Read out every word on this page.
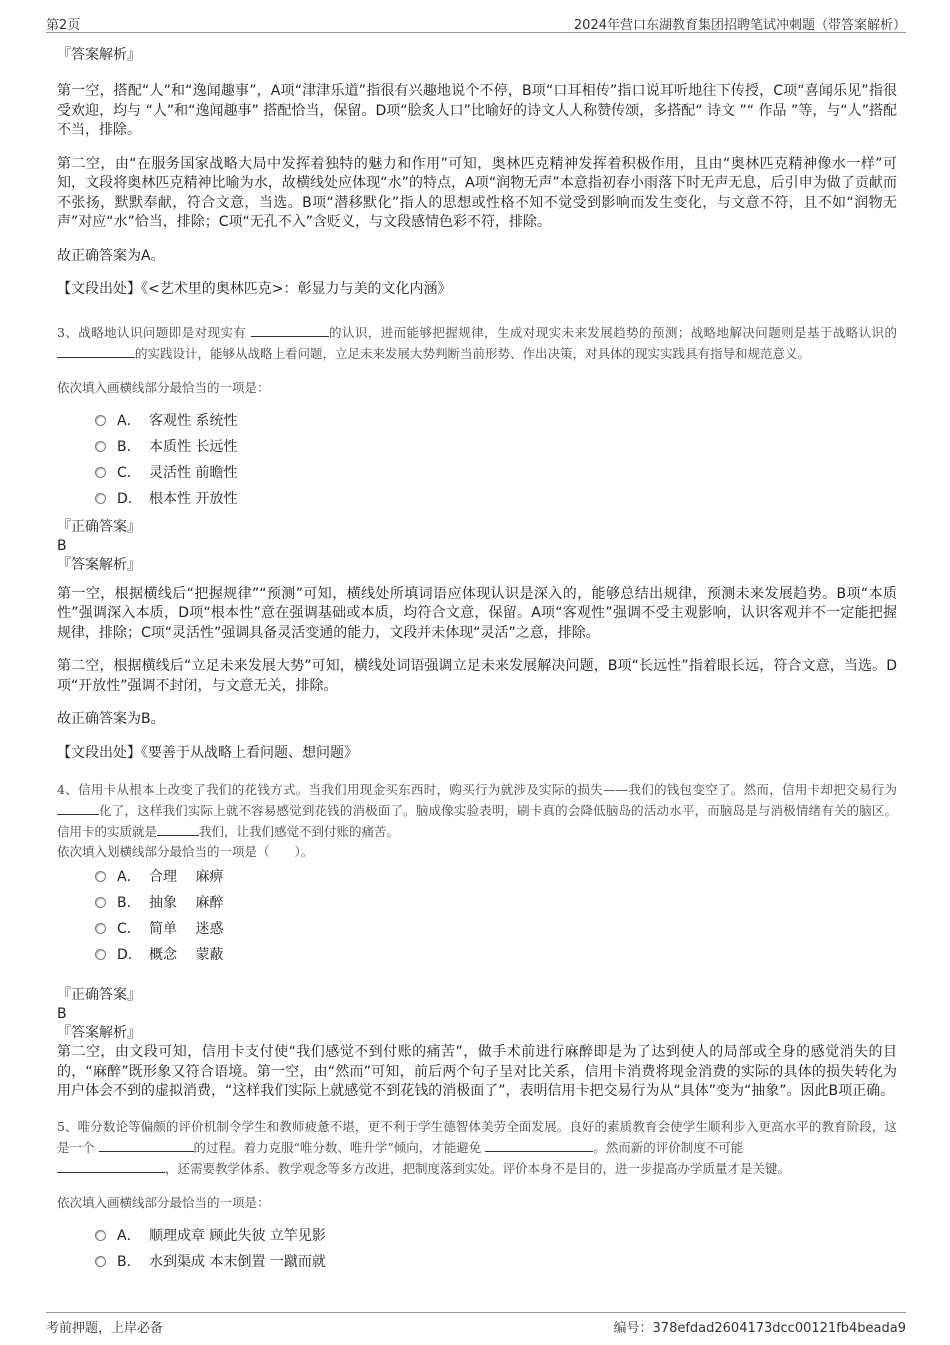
第2页	2024年营口东湖教育集团招聘笔试冲刺题（带答案解析）

『答案解析』

第一空，搭配“人”和“逸闻趣事”，A项“津津乐道”指很有兴趣地说个不停，B项“口耳相传”指口说耳听地往下传授，C项“喜闻乐见”指很受欢迎，均与 “人”和“逸闻趣事” 搭配恰当，保留。D项“脍炙人口”比喻好的诗文人人称赞传颂，多搭配“ 诗文 ”“ 作品 ”等，与“人”搭配不当，排除。

第二空，由“在服务国家战略大局中发挥着独特的魅力和作用”可知，奥林匹克精神发挥着积极作用，且由“奥林匹克精神像水一样”可知，文段将奥林匹克精神比喻为水，故横线处应体现“水”的特点，A项“润物无声”本意指初春小雨落下时无声无息，后引申为做了贡献而不张扬，默默奉献，符合文意，当选。B项“潜移默化”指人的思想或性格不知不觉受到影响而发生变化，与文意不符，且不如“润物无声”对应“水”恰当，排除；C项“无孔不入”含贬义，与文段感情色彩不符，排除。

故正确答案为A。

【文段出处】《<艺术里的奥林匹克>：彰显力与美的文化内涵》

3、战略地认识问题即是对现实有	的认识，进而能够把握规律，生成对现实未来发展趋势的预测；战略地解决问题则是基于战略认识的 的实践设计，能够从战略上看问题，立足未来发展大势判断当前形势、作出决策，对具体的现实实践具有指导和规范意义。

依次填入画横线部分最恰当的一项是：

A． 客观性 系统性
B． 本质性 长远性
C． 灵活性 前瞻性
D． 根本性 开放性

『正确答案』

B

『答案解析』

第一空，根据横线后“把握规律”“预测”可知，横线处所填词语应体现认识是深入的，能够总结出规律，预测未来发展趋势。B项“本质性”强调深入本质，D项“根本性”意在强调基础或本质，均符合文意，保留。A项“客观性”强调不受主观影响，认识客观并不一定能把握规律，排除；C项“灵活性”强调具备灵活变通的能力，文段并未体现“灵活”之意，排除。

第二空，根据横线后“立足未来发展大势”可知，横线处词语强调立足未来发展解决问题，B项“长远性”指着眼长远，符合文意，当选。D项“开放性”强调不封闭，与文意无关，排除。

故正确答案为B。

【文段出处】《要善于从战略上看问题、想问题》

4、信用卡从根本上改变了我们的花钱方式。当我们用现金买东西时，购买行为就涉及实际的损失——我们的钱包变空了。然而，信用卡却把交易行为化了，这样我们实际上就不容易感觉到花钱的消极面了。脑成像实验表明，刷卡真的会降低脑岛的活动水平，而脑岛是与消极情绪有关的脑区。信用卡的实质就是	我们，让我们感觉不到付账的痛苦。

依次填入划横线部分最恰当的一项是（　　）。

A． 合理　 麻痹
B． 抽象　 麻醉
C． 简单　 迷惑
D． 概念　 蒙蔽

『正确答案』

B

『答案解析』

第二空，由文段可知，信用卡支付使“我们感觉不到付账的痛苦”，做手术前进行麻醉即是为了达到使人的局部或全身的感觉消失的目的，“麻醉”既形象又符合语境。第一空，由“然而”可知，前后两个句子呈对比关系，信用卡消费将现金消费的实际的具体的损失转化为用户体会不到的虚拟消费，“这样我们实际上就感觉不到花钱的消极面了”，表明信用卡把交易行为从“具体”变为“抽象”。因此B项正确。

5、唯分数论等偏颇的评价机制令学生和教师疲惫不堪，更不利于学生德智体美劳全面发展。良好的素质教育会使学生顺利步入更高水平的教育阶段，这是一个	的过程。着力克服“唯分数、唯升学”倾向，才能避免	。然而新的评价制度不可能
，还需要教学体系、教学观念等多方改进，把制度落到实处。评价本身不是目的，进一步提高办学质量才是关键。

依次填入画横线部分最恰当的一项是：

A． 顺理成章 顾此失彼 立竿见影
B． 水到渠成 本末倒置 一蹴而就
考前押题，上岸必备	编号：378efdad2604173dcc00121fb4beada9
